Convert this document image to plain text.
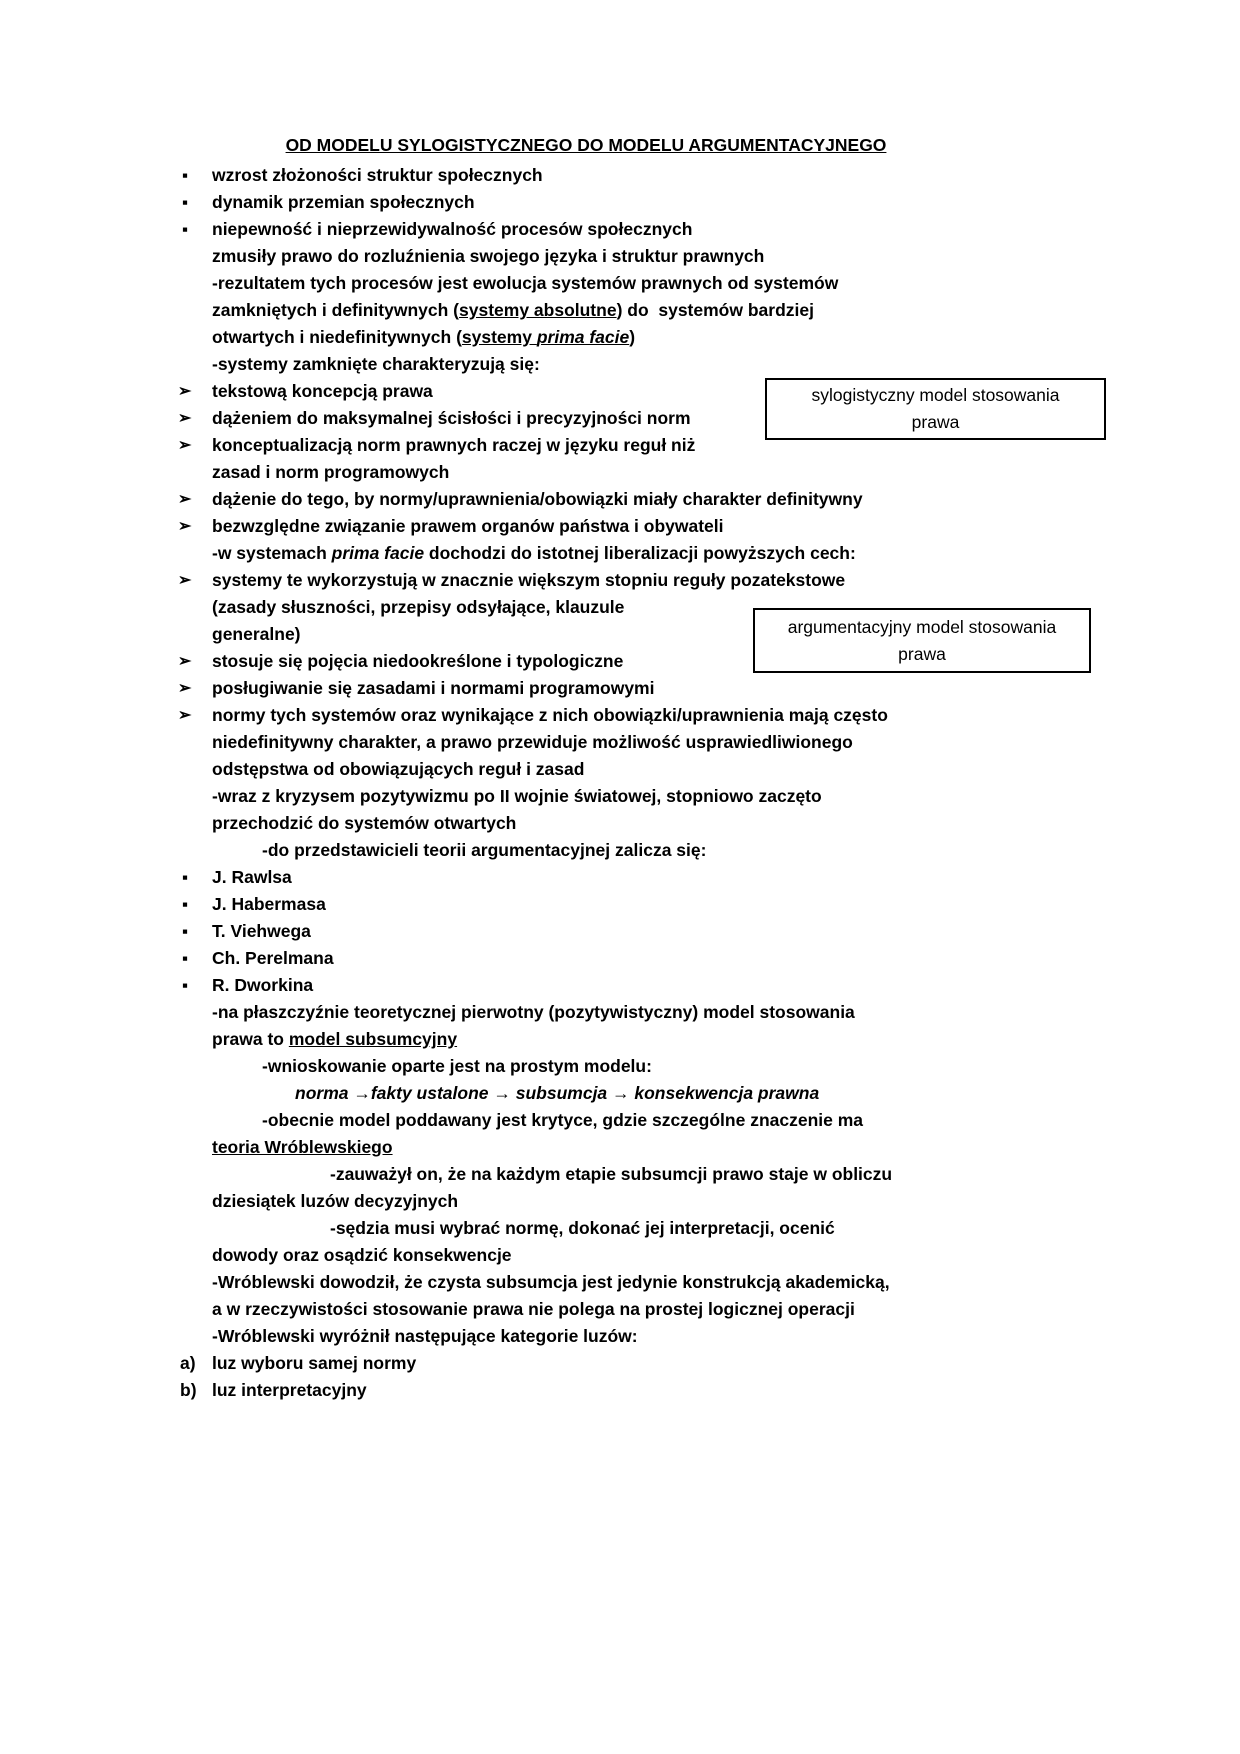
OD MODELU SYLOGISTYCZNEGO DO MODELU ARGUMENTACYJNEGO
▪ wzrost złożoności struktur społecznych
▪ dynamik przemian społecznych
▪ niepewność i nieprzewidywalność procesów społecznych
zmusiły prawo do rozluźnienia swojego języka i struktur prawnych
-rezultatem tych procesów jest ewolucja systemów prawnych od systemów
zamkniętych i definitywnych (systemy absolutne) do  systemów bardziej
otwartych i niedefinitywnych (systemy prima facie)
-systemy zamknięte charakteryzują się:
➢ tekstową koncepcją prawa
➢ dążeniem do maksymalnej ścisłości i precyzyjności norm
➢ konceptualizacją norm prawnych raczej w języku reguł niż
zasad i norm programowych
➢ dążenie do tego, by normy/uprawnienia/obowiązki miały charakter definitywny
➢ bezwzględne związanie prawem organów państwa i obywateli
-w systemach prima facie dochodzi do istotnej liberalizacji powyższych cech:
➢ systemy te wykorzystują w znacznie większym stopniu reguły pozatekstowe
(zasady słuszności, przepisy odsyłające, klauzule
generalne)
➢ stosuje się pojęcia niedookreślone i typologiczne
➢ posługiwanie się zasadami i normami programowymi
➢ normy tych systemów oraz wynikające z nich obowiązki/uprawnienia mają często
niedefinitywny charakter, a prawo przewiduje możliwość usprawiedliwionego
odstępstwa od obowiązujących reguł i zasad
-wraz z kryzysem pozytywizmu po II wojnie światowej, stopniowo zaczęto
przechodzić do systemów otwartych
-do przedstawicieli teorii argumentacyjnej zalicza się:
▪ J. Rawlsa
▪ J. Habermasa
▪ T. Viehwega
▪ Ch. Perelmana
▪ R. Dworkina
-na płaszczyźnie teoretycznej pierwotny (pozytywistyczny) model stosowania
prawa to model subsumcyjny
-wnioskowanie oparte jest na prostym modelu:
norma →fakty ustalone → subsumcja → konsekwencja prawna
-obecnie model poddawany jest krytyce, gdzie szczególne znaczenie ma
teoria Wróblewskiego
-zauważył on, że na każdym etapie subsumcji prawo staje w obliczu
dziesiątek luzów decyzyjnych
-sędzia musi wybrać normę, dokonać jej interpretacji, ocenić
dowody oraz osądzić konsekwencje
-Wróblewski dowodził, że czysta subsumcja jest jedynie konstrukcją akademicką,
a w rzeczywistości stosowanie prawa nie polega na prostej logicznej operacji
-Wróblewski wyróżnił następujące kategorie luzów:
a) luz wyboru samej normy
b) luz interpretacyjny
sylogistyczny model stosowania
prawa
argumentacyjny model stosowania
prawa
